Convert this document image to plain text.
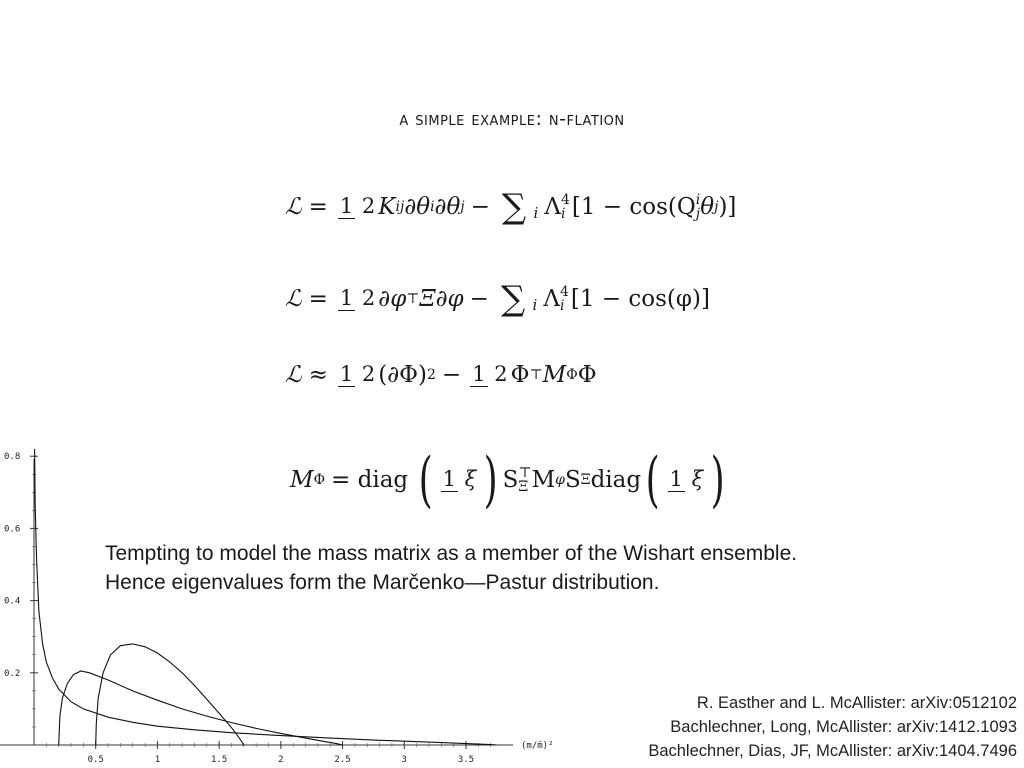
a simple example: n-flation
ℒ = 1 2 K ij ∂θ i ∂θ j − ∑ i Λ 4
i [1 − cos(Q i
j θ j )]
ℒ = 1 2 ∂φ ⊤ Ξ∂φ − ∑ i Λ 4
i [1 − cos(φ)]
ℒ ≈ 1 2 (∂Φ) 2 − 1 2 Φ ⊤ M Φ Φ
M Φ = diag ( 1 ξ ) S ⊤
Ξ M φ S Ξ diag ( 1 ξ )
0.5	1	1.5	2	2.5	3	3.5
0.2
0.4
0.6
0.8
(m/m̄)²
Tempting to model the mass matrix as a member of the Wishart ensemble.
Hence eigenvalues form the Marčenko—Pastur distribution.
R. Easther and L. McAllister: arXiv:0512102
Bachlechner, Long, McAllister: arXiv:1412.1093
Bachlechner, Dias, JF, McAllister: arXiv:1404.7496
